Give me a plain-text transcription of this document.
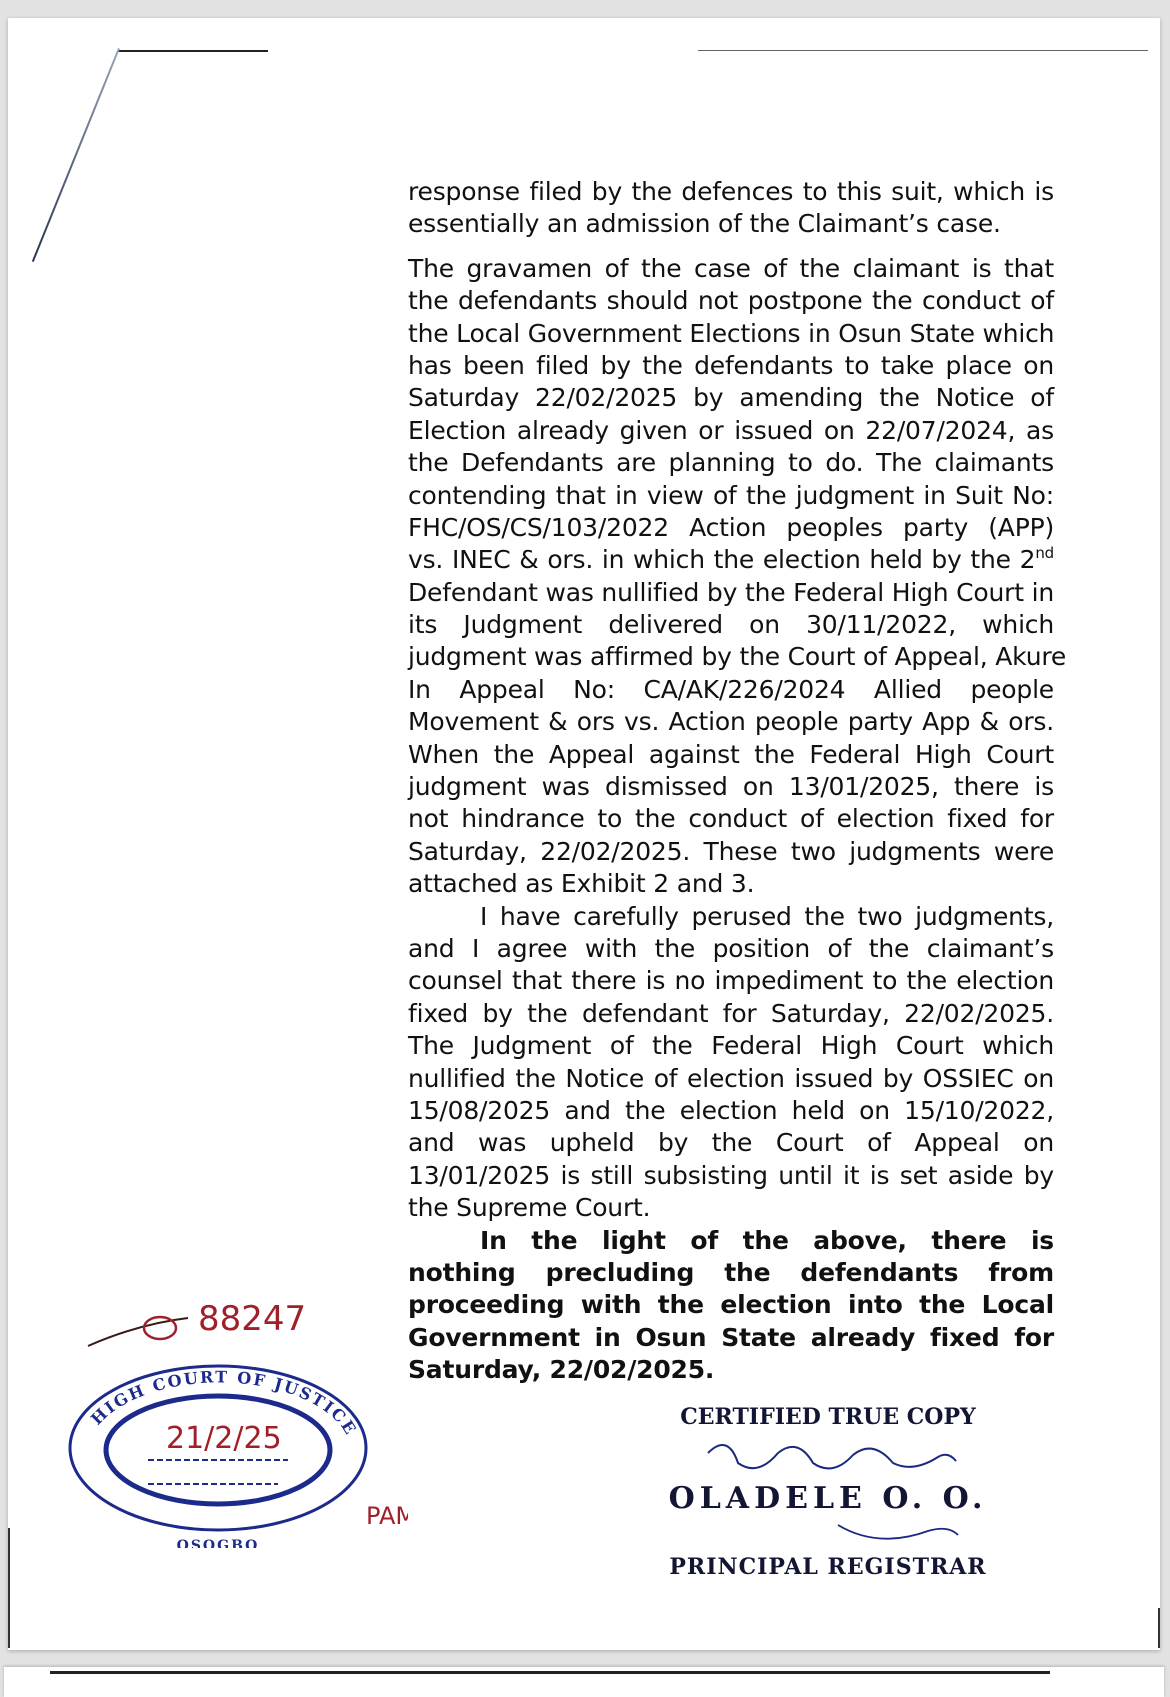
response filed by the defences to this suit, which is
essentially an admission of the Claimant’s case.
The gravamen of the case of the claimant is that
the defendants should not postpone the conduct of
the Local Government Elections in Osun State which
has been filed by the defendants to take place on
Saturday 22/02/2025 by amending the Notice of
Election already given or issued on 22/07/2024, as
the Defendants are planning to do. The claimants
contending that in view of the judgment in Suit No:
FHC/OS/CS/103/2022 Action peoples party (APP)
vs. INEC & ors. in which the election held by the 2nd
Defendant was nullified by the Federal High Court in
its Judgment delivered on 30/11/2022, which
judgment was affirmed by the Court of Appeal, Akure
In Appeal No: CA/AK/226/2024 Allied people
Movement & ors vs. Action people party App & ors.
When the Appeal against the Federal High Court
judgment was dismissed on 13/01/2025, there is
not hindrance to the conduct of election fixed for
Saturday, 22/02/2025. These two judgments were
attached as Exhibit 2 and 3.
I have carefully perused the two judgments,
and I agree with the position of the claimant’s
counsel that there is no impediment to the election
fixed by the defendant for Saturday, 22/02/2025.
The Judgment of the Federal High Court which
nullified the Notice of election issued by OSSIEC on
15/08/2025 and the election held on 15/10/2022,
and was upheld by the Court of Appeal on
13/01/2025 is still subsisting until it is set aside by
the Supreme Court.
In the light of the above, there is
nothing precluding the defendants from
proceeding with the election into the Local
Government in Osun State already fixed for
Saturday, 22/02/2025.
88247
HIGH COURT OF JUSTICE
21/2/25
OSOGBO
PAM
CERTIFIED TRUE COPY
OLADELE O. O.
PRINCIPAL REGISTRAR
